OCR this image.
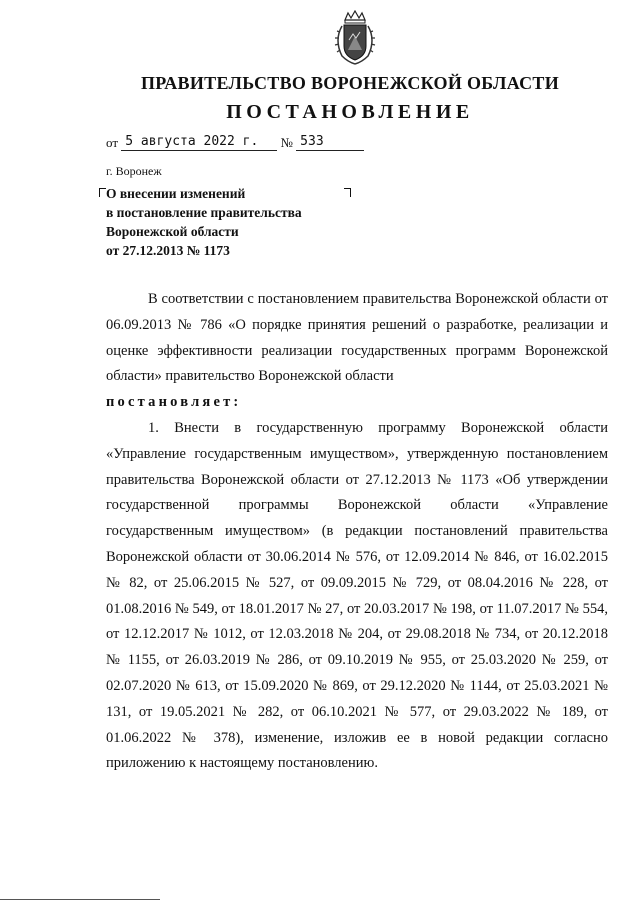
ПРАВИТЕЛЬСТВО ВОРОНЕЖСКОЙ ОБЛАСТИ
ПОСТАНОВЛЕНИЕ
от 5 августа 2022 г. № 533
г. Воронеж
О внесении изменений
в постановление правительства
Воронежской области
от 27.12.2013 № 1173

В соответствии с постановлением правительства Воронежской области от 06.09.2013 № 786 «О порядке принятия решений о разработке, реализации и оценке эффективности реализации государственных программ Воронежской области» правительство Воронежской области

постановляет:

1. Внести в государственную программу Воронежской области «Управление государственным имуществом», утвержденную постановлением правительства Воронежской области от 27.12.2013 № 1173 «Об утверждении государственной программы Воронежской области «Управление государственным имуществом» (в редакции постановлений правительства Воронежской области от 30.06.2014 № 576, от 12.09.2014 № 846, от 16.02.2015 № 82, от 25.06.2015 № 527, от 09.09.2015 № 729, от 08.04.2016 № 228, от 01.08.2016 № 549, от 18.01.2017 № 27, от 20.03.2017 № 198, от 11.07.2017 № 554, от 12.12.2017 № 1012, от 12.03.2018 № 204, от 29.08.2018 № 734, от 20.12.2018 № 1155, от 26.03.2019 № 286, от 09.10.2019 № 955, от 25.03.2020 № 259, от 02.07.2020 № 613, от 15.09.2020 № 869, от 29.12.2020 № 1144, от 25.03.2021 № 131, от 19.05.2021 № 282, от 06.10.2021 № 577, от 29.03.2022 № 189, от 01.06.2022 № 378), изменение, изложив ее в новой редакции согласно приложению к настоящему постановлению.
